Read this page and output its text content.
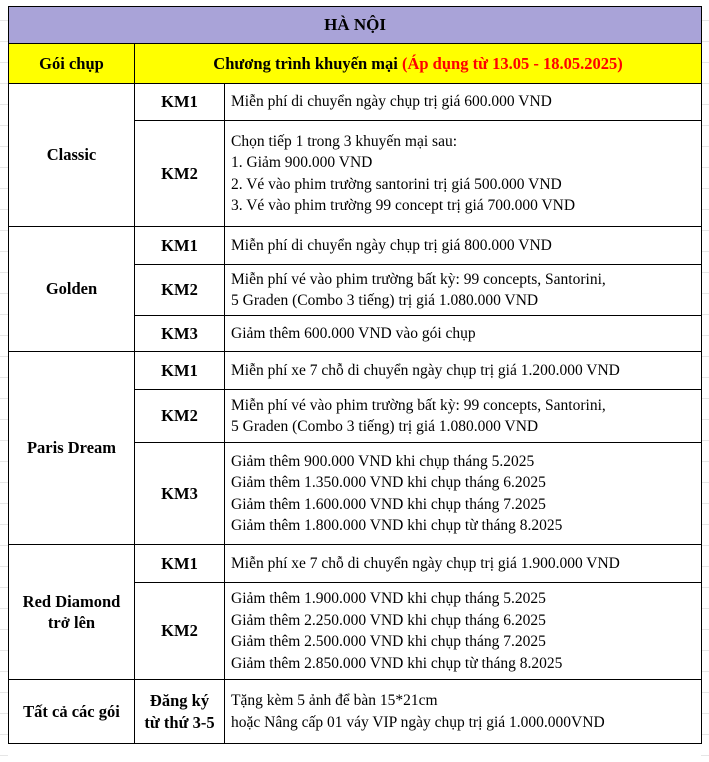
HÀ NỘI		
Gói chụp	Chương trình khuyến mại (Áp dụng từ 13.05 - 18.05.2025)	

Classic	KM1	Miễn phí di chuyển ngày chụp trị giá 600.000 VND

	KM2	Chọn tiếp 1 trong 3 khuyến mại sau:
1. Giảm 900.000 VND
2. Vé vào phim trường santorini trị giá 500.000 VND
3. Vé vào phim trường 99 concept trị giá 700.000 VND

Golden	KM1	Miễn phí di chuyển ngày chụp trị giá 800.000 VND

	KM2	Miễn phí vé vào phim trường bất kỳ: 99 concepts, Santorini,
5 Graden (Combo 3 tiếng) trị giá 1.080.000 VND

	KM3	Giảm thêm 600.000 VND vào gói chụp

Paris Dream	KM1	Miễn phí xe 7 chỗ di chuyển ngày chụp trị giá 1.200.000 VND

	KM2	Miễn phí vé vào phim trường bất kỳ: 99 concepts, Santorini,
5 Graden (Combo 3 tiếng) trị giá 1.080.000 VND

	KM3	Giảm thêm 900.000 VND khi chụp tháng 5.2025
Giảm thêm 1.350.000 VND khi chụp tháng 6.2025
Giảm thêm 1.600.000 VND khi chụp tháng 7.2025
Giảm thêm 1.800.000 VND khi chụp từ tháng 8.2025

Red Diamond
trở lên	KM1	Miễn phí xe 7 chỗ di chuyển ngày chụp trị giá 1.900.000 VND

	KM2	Giảm thêm 1.900.000 VND khi chụp tháng 5.2025
Giảm thêm 2.250.000 VND khi chụp tháng 6.2025
Giảm thêm 2.500.000 VND khi chụp tháng 7.2025
Giảm thêm 2.850.000 VND khi chụp từ tháng 8.2025

Tất cả các gói	Đăng ký
từ thứ 3-5	Tặng kèm 5 ảnh để bàn 15*21cm
hoặc Nâng cấp 01 váy VIP ngày chụp trị giá 1.000.000VND
